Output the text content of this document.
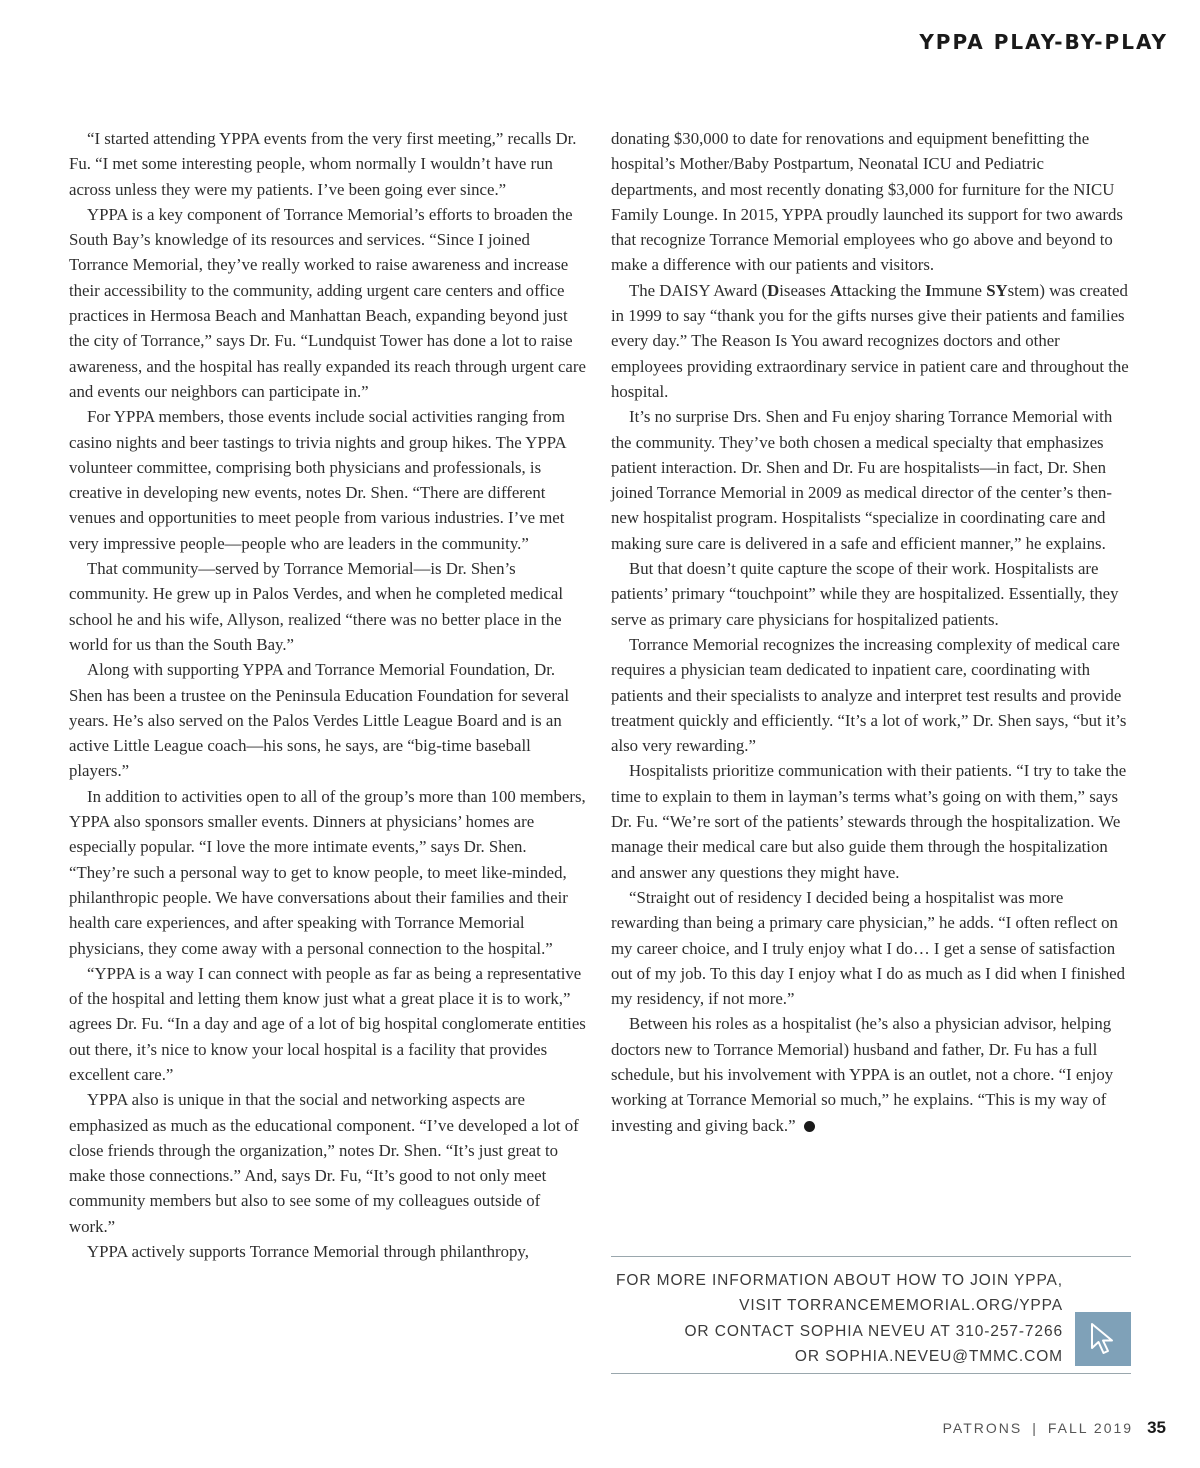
YPPA PLAY-BY-PLAY

“I started attending YPPA events from the very first meeting,” recalls Dr. Fu. “I met some interesting people, whom normally I wouldn’t have run across unless they were my patients. I’ve been going ever since.”

YPPA is a key component of Torrance Memorial’s efforts to broaden the South Bay’s knowledge of its resources and services. “Since I joined Torrance Memorial, they’ve really worked to raise awareness and increase their accessibility to the community, adding urgent care centers and office practices in Hermosa Beach and Manhattan Beach, expanding beyond just the city of Torrance,” says Dr. Fu. “Lundquist Tower has done a lot to raise awareness, and the hospital has really expanded its reach through urgent care and events our neighbors can participate in.”

For YPPA members, those events include social activities ranging from casino nights and beer tastings to trivia nights and group hikes. The YPPA volunteer committee, comprising both physicians and professionals, is creative in developing new events, notes Dr. Shen. “There are different venues and opportunities to meet people from various industries. I’ve met very impressive people—people who are leaders in the community.”

That community—served by Torrance Memorial—is Dr. Shen’s community. He grew up in Palos Verdes, and when he completed medical school he and his wife, Allyson, realized “there was no better place in the world for us than the South Bay.”

Along with supporting YPPA and Torrance Memorial Foundation, Dr. Shen has been a trustee on the Peninsula Education Foundation for several years. He’s also served on the Palos Verdes Little League Board and is an active Little League coach—his sons, he says, are “big-time baseball players.”

In addition to activities open to all of the group’s more than 100 members, YPPA also sponsors smaller events. Dinners at physicians’ homes are especially popular. “I love the more intimate events,” says Dr. Shen. “They’re such a personal way to get to know people, to meet like-minded, philanthropic people. We have conversations about their families and their health care experiences, and after speaking with Torrance Memorial physicians, they come away with a personal connection to the hospital.”

“YPPA is a way I can connect with people as far as being a representative of the hospital and letting them know just what a great place it is to work,” agrees Dr. Fu. “In a day and age of a lot of big hospital conglomerate entities out there, it’s nice to know your local hospital is a facility that provides excellent care.”

YPPA also is unique in that the social and networking aspects are emphasized as much as the educational component. “I’ve developed a lot of close friends through the organization,” notes Dr. Shen. “It’s just great to make those connections.” And, says Dr. Fu, “It’s good to not only meet community members but also to see some of my colleagues outside of work.”

YPPA actively supports Torrance Memorial through philanthropy,

donating $30,000 to date for renovations and equipment benefitting the hospital’s Mother/Baby Postpartum, Neonatal ICU and Pediatric departments, and most recently donating $3,000 for furniture for the NICU Family Lounge. In 2015, YPPA proudly launched its support for two awards that recognize Torrance Memorial employees who go above and beyond to make a difference with our patients and visitors.

The DAISY Award (Diseases Attacking the Immune SYstem) was created in 1999 to say “thank you for the gifts nurses give their patients and families every day.” The Reason Is You award recognizes doctors and other employees providing extraordinary service in patient care and throughout the hospital.

It’s no surprise Drs. Shen and Fu enjoy sharing Torrance Memorial with the community. They’ve both chosen a medical specialty that emphasizes patient interaction. Dr. Shen and Dr. Fu are hospitalists—in fact, Dr. Shen joined Torrance Memorial in 2009 as medical director of the center’s then-new hospitalist program. Hospitalists “specialize in coordinating care and making sure care is delivered in a safe and efficient manner,” he explains.

But that doesn’t quite capture the scope of their work. Hospitalists are patients’ primary “touchpoint” while they are hospitalized. Essentially, they serve as primary care physicians for hospitalized patients.

Torrance Memorial recognizes the increasing complexity of medical care requires a physician team dedicated to inpatient care, coordinating with patients and their specialists to analyze and interpret test results and provide treatment quickly and efficiently. “It’s a lot of work,” Dr. Shen says, “but it’s also very rewarding.”

Hospitalists prioritize communication with their patients. “I try to take the time to explain to them in layman’s terms what’s going on with them,” says Dr. Fu. “We’re sort of the patients’ stewards through the hospitalization. We manage their medical care but also guide them through the hospitalization and answer any questions they might have.

“Straight out of residency I decided being a hospitalist was more rewarding than being a primary care physician,” he adds. “I often reflect on my career choice, and I truly enjoy what I do… I get a sense of satisfaction out of my job. To this day I enjoy what I do as much as I did when I finished my residency, if not more.”

Between his roles as a hospitalist (he’s also a physician advisor, helping doctors new to Torrance Memorial) husband and father, Dr. Fu has a full schedule, but his involvement with YPPA is an outlet, not a chore. “I enjoy working at Torrance Memorial so much,” he explains. “This is my way of investing and giving back.”

FOR MORE INFORMATION ABOUT HOW TO JOIN YPPA,
VISIT TORRANCEMEMORIAL.ORG/YPPA
OR CONTACT SOPHIA NEVEU AT 310-257-7266
OR SOPHIA.NEVEU@TMMC.COM
PATRONS | FALL 2019 35
